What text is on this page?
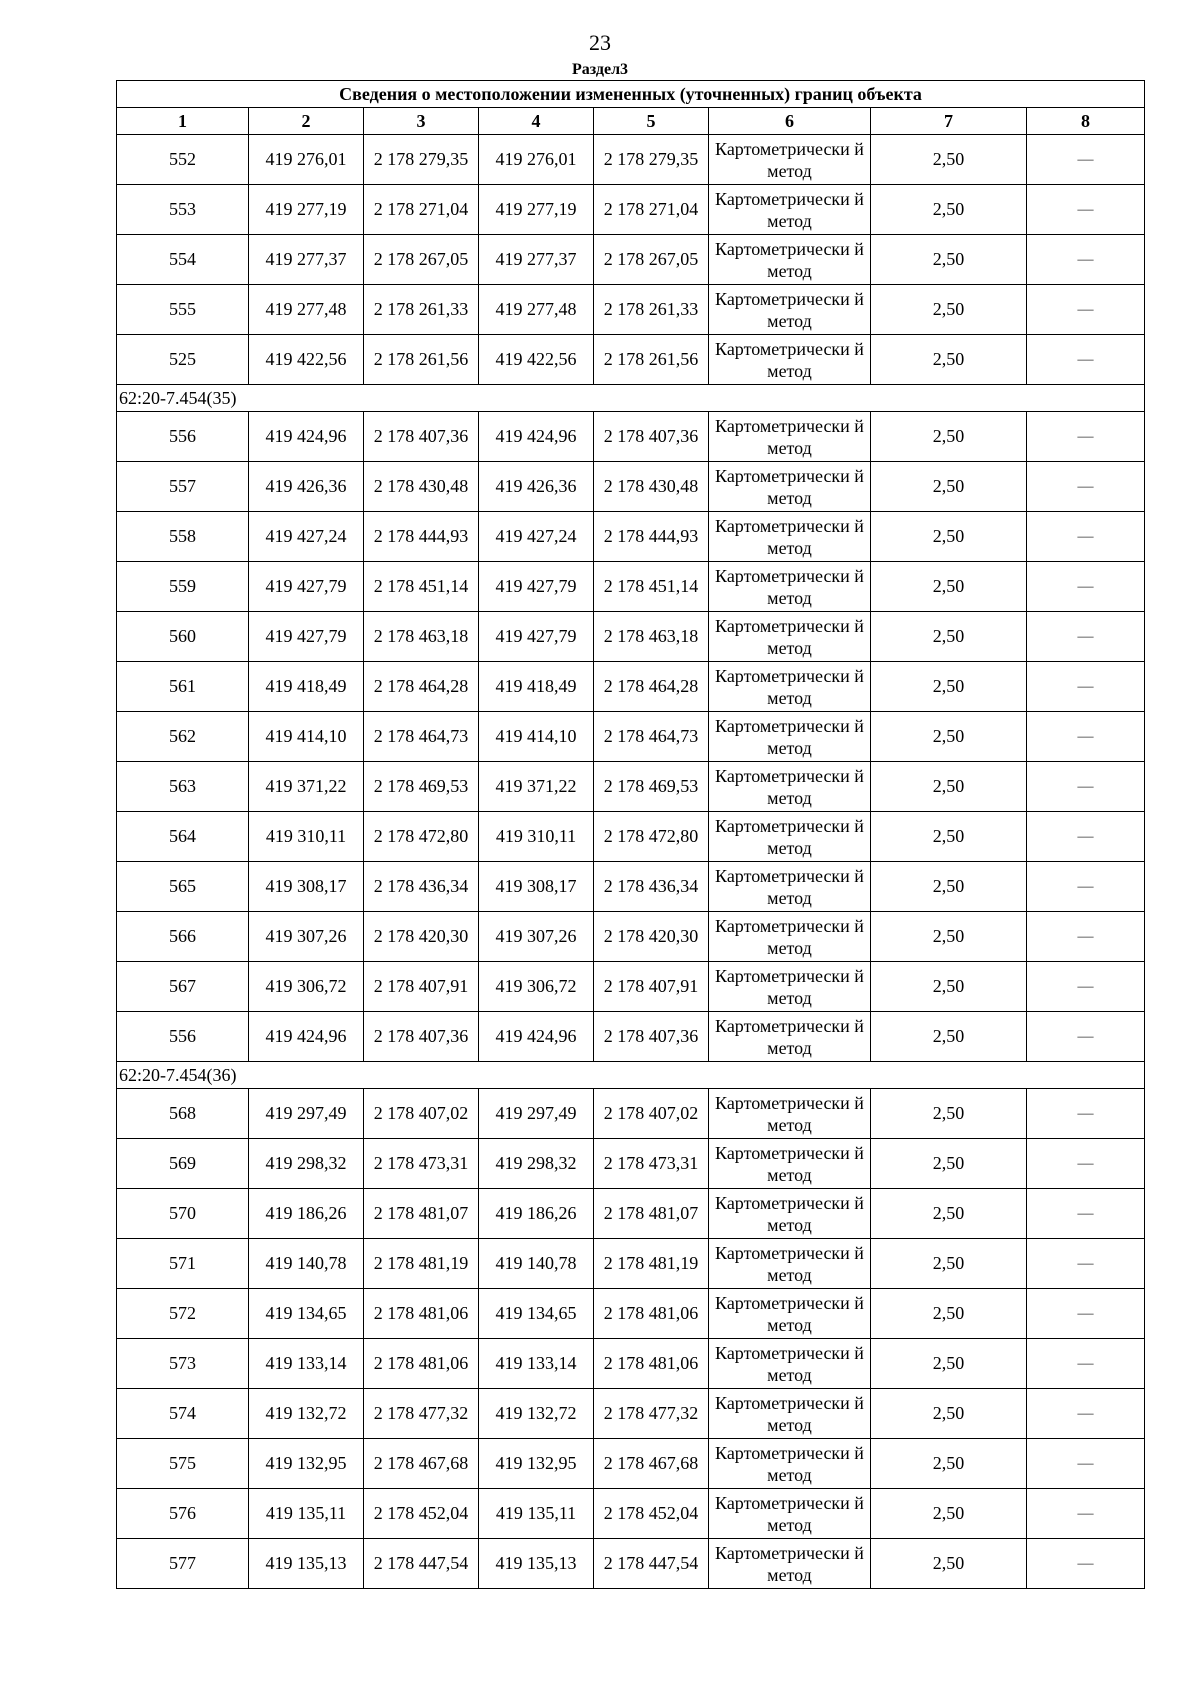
23
Раздел3
Сведения о местоположении измененных (уточненных) границ объекта							
1	2	3	4	5	6	7	8
552	419 276,01	2 178 279,35	419 276,01	2 178 279,35	Картометрически й метод	2,50	—
553	419 277,19	2 178 271,04	419 277,19	2 178 271,04	Картометрически й метод	2,50	—
554	419 277,37	2 178 267,05	419 277,37	2 178 267,05	Картометрически й метод	2,50	—
555	419 277,48	2 178 261,33	419 277,48	2 178 261,33	Картометрически й метод	2,50	—
525	419 422,56	2 178 261,56	419 422,56	2 178 261,56	Картометрически й метод	2,50	—
62:20-7.454(35)							
556	419 424,96	2 178 407,36	419 424,96	2 178 407,36	Картометрически й метод	2,50	—
557	419 426,36	2 178 430,48	419 426,36	2 178 430,48	Картометрически й метод	2,50	—
558	419 427,24	2 178 444,93	419 427,24	2 178 444,93	Картометрически й метод	2,50	—
559	419 427,79	2 178 451,14	419 427,79	2 178 451,14	Картометрически й метод	2,50	—
560	419 427,79	2 178 463,18	419 427,79	2 178 463,18	Картометрически й метод	2,50	—
561	419 418,49	2 178 464,28	419 418,49	2 178 464,28	Картометрически й метод	2,50	—
562	419 414,10	2 178 464,73	419 414,10	2 178 464,73	Картометрически й метод	2,50	—
563	419 371,22	2 178 469,53	419 371,22	2 178 469,53	Картометрически й метод	2,50	—
564	419 310,11	2 178 472,80	419 310,11	2 178 472,80	Картометрически й метод	2,50	—
565	419 308,17	2 178 436,34	419 308,17	2 178 436,34	Картометрически й метод	2,50	—
566	419 307,26	2 178 420,30	419 307,26	2 178 420,30	Картометрически й метод	2,50	—
567	419 306,72	2 178 407,91	419 306,72	2 178 407,91	Картометрически й метод	2,50	—
556	419 424,96	2 178 407,36	419 424,96	2 178 407,36	Картометрически й метод	2,50	—
62:20-7.454(36)							
568	419 297,49	2 178 407,02	419 297,49	2 178 407,02	Картометрически й метод	2,50	—
569	419 298,32	2 178 473,31	419 298,32	2 178 473,31	Картометрически й метод	2,50	—
570	419 186,26	2 178 481,07	419 186,26	2 178 481,07	Картометрически й метод	2,50	—
571	419 140,78	2 178 481,19	419 140,78	2 178 481,19	Картометрически й метод	2,50	—
572	419 134,65	2 178 481,06	419 134,65	2 178 481,06	Картометрически й метод	2,50	—
573	419 133,14	2 178 481,06	419 133,14	2 178 481,06	Картометрически й метод	2,50	—
574	419 132,72	2 178 477,32	419 132,72	2 178 477,32	Картометрически й метод	2,50	—
575	419 132,95	2 178 467,68	419 132,95	2 178 467,68	Картометрически й метод	2,50	—
576	419 135,11	2 178 452,04	419 135,11	2 178 452,04	Картометрически й метод	2,50	—
577	419 135,13	2 178 447,54	419 135,13	2 178 447,54	Картометрически й метод	2,50	—
